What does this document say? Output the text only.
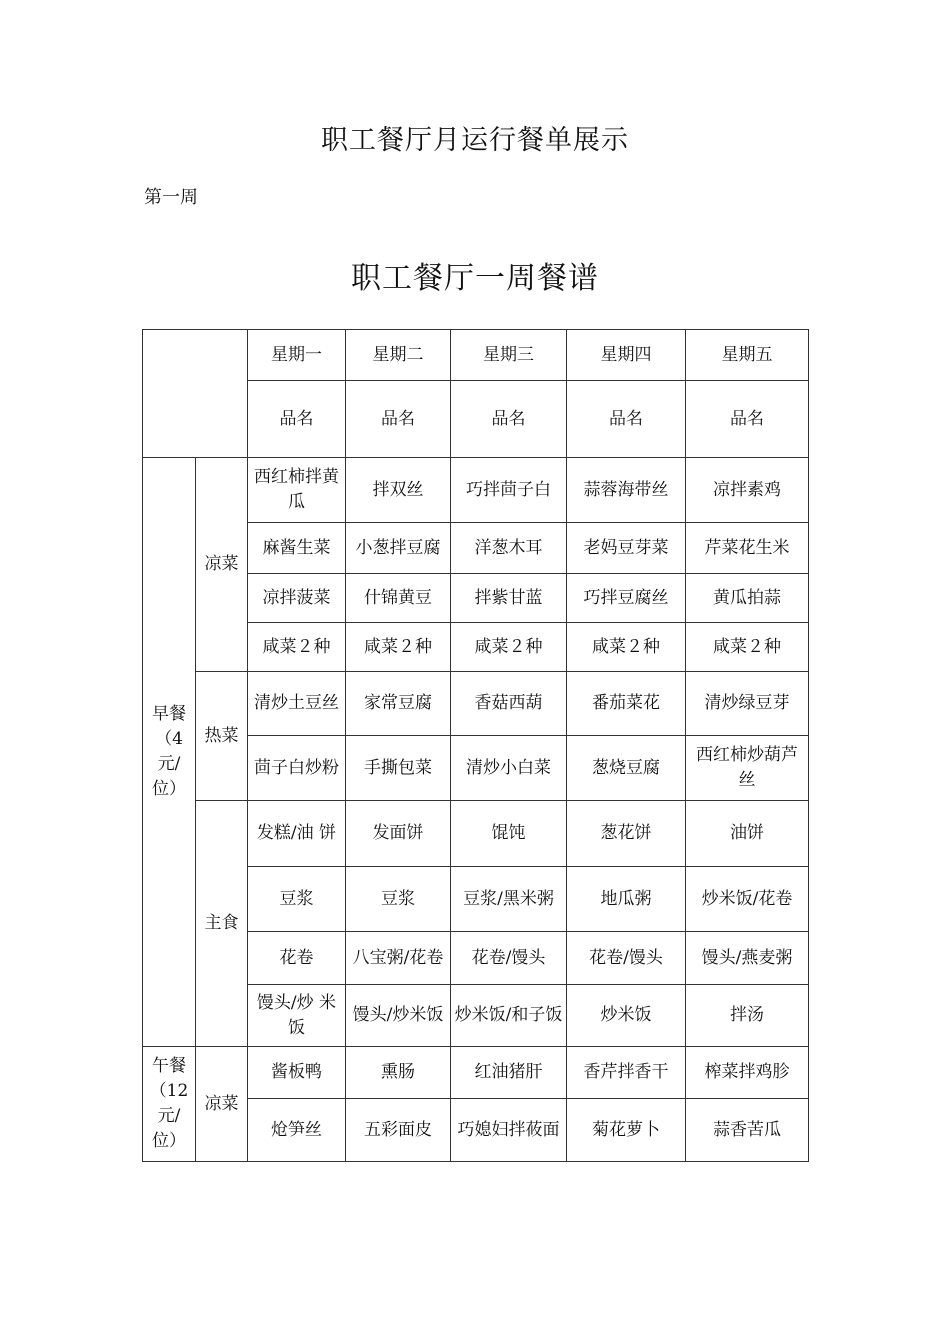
职工餐厅月运行餐单展示
第一周
职工餐厅一周餐谱
		星期一	星期二	星期三	星期四	星期五
		品名	品名	品名	品名	品名
早餐（4元/位）	凉菜	西红柿拌黄瓜	拌双丝	巧拌茴子白	蒜蓉海带丝	凉拌素鸡
		麻酱生菜	小葱拌豆腐	洋葱木耳	老妈豆芽菜	芹菜花生米
		凉拌菠菜	什锦黄豆	拌紫甘蓝	巧拌豆腐丝	黄瓜拍蒜
		咸菜２种	咸菜２种	咸菜２种	咸菜２种	咸菜２种
	热菜	清炒土豆丝	家常豆腐	香菇西葫	番茄菜花	清炒绿豆芽
		茴子白炒粉	手撕包菜	清炒小白菜	葱烧豆腐	西红柿炒葫芦丝
	主食	发糕/油 饼	发面饼	馄饨	葱花饼	油饼

		豆浆	豆浆	豆浆/黑米粥	地瓜粥	炒米饭/花卷

		花卷	八宝粥/花卷	花卷/馒头	花卷/馒头	馒头/燕麦粥

		馒头/炒 米饭	馒头/炒米饭	炒米饭/和子饭	炒米饭	拌汤

午餐（12元/位）	凉菜	酱板鸭	熏肠	红油猪肝	香芹拌香干	榨菜拌鸡胗
		炝笋丝	五彩面皮	巧媳妇拌莜面	菊花萝卜	蒜香苦瓜
